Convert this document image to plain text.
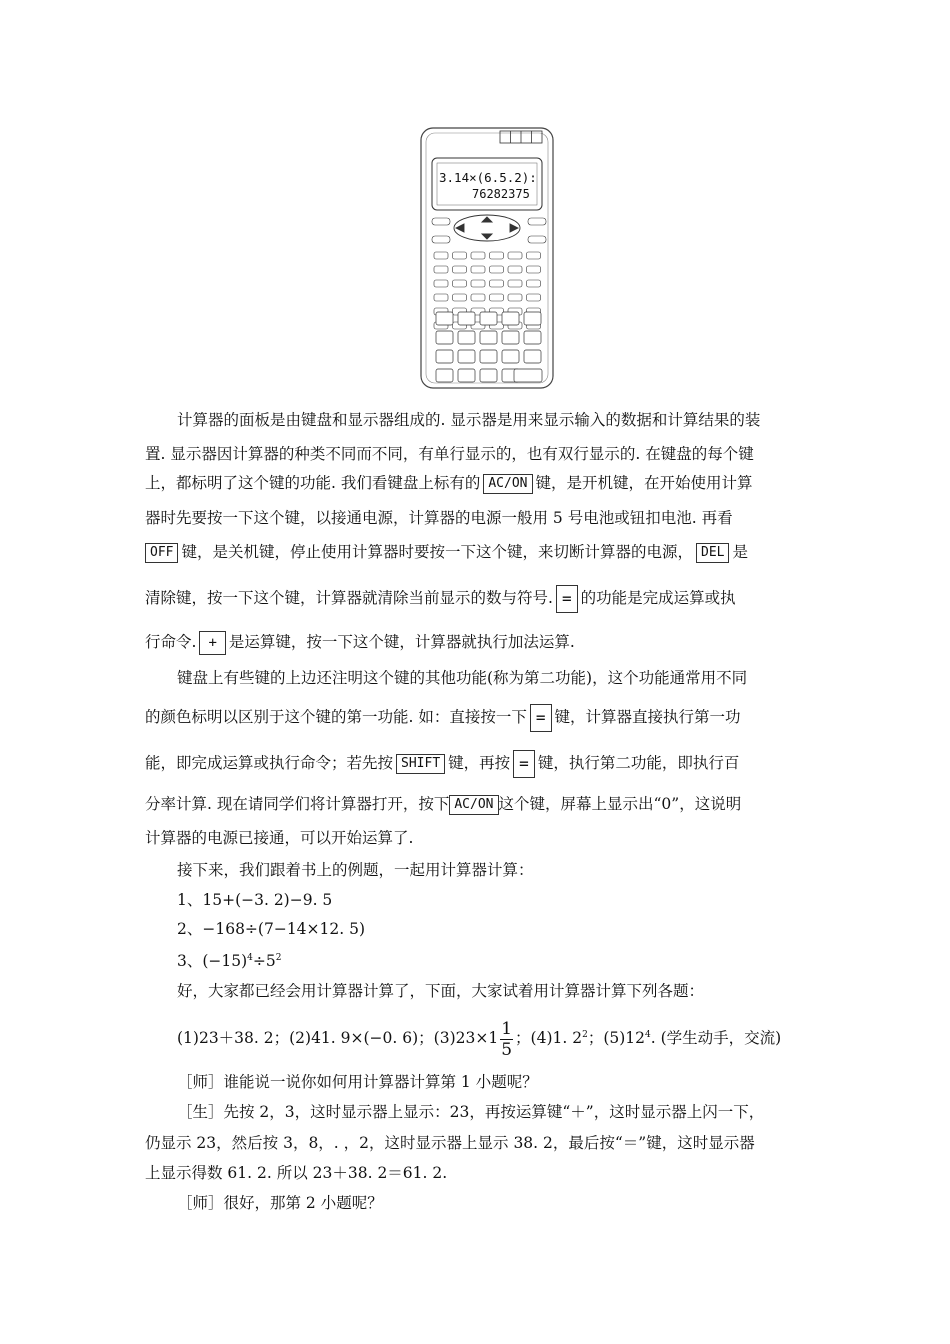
3.14×(6.5.2):
76282375
计算器的面板是由键盘和显示器组成的. 显示器是用来显示输入的数据和计算结果的装
置. 显示器因计算器的种类不同而不同，有单行显示的，也有双行显示的. 在键盘的每个键
上，都标明了这个键的功能. 我们看键盘上标有的 AC/ON 键，是开机键，在开始使用计算
器时先要按一下这个键，以接通电源，计算器的电源一般用 5 号电池或钮扣电池. 再看
OFF 键，是关机键，停止使用计算器时要按一下这个键，来切断计算器的电源， DEL 是
清除键，按一下这个键，计算器就清除当前显示的数与符号. = 的功能是完成运算或执
行命令. + 是运算键，按一下这个键，计算器就执行加法运算.
键盘上有些键的上边还注明这个键的其他功能(称为第二功能)，这个功能通常用不同
的颜色标明以区别于这个键的第一功能. 如：直接按一下 = 键，计算器直接执行第一功
能，即完成运算或执行命令；若先按 SHIFT 键，再按 = 键，执行第二功能，即执行百
分率计算. 现在请同学们将计算器打开，按下 AC/ON 这个键，屏幕上显示出“0”，这说明
计算器的电源已接通，可以开始运算了.
接下来，我们跟着书上的例题，一起用计算器计算：
1、15+(−3. 2)−9. 5
2、−168÷(7−14×12. 5)
3、$(-15)^4\div 5^2$
好，大家都已经会用计算器计算了，下面，大家试着用计算器计算下列各题：
(1)23＋38. 2；(2)41. 9×(−0. 6)；$(3)23\times 1 \frac{1}{5}$ ；(4)1. $2^2$；$(5)12^4$. (学生动手，交流)
［师］谁能说一说你如何用计算器计算第 1 小题呢？
［生］先按 2，3，这时显示器上显示：23，再按运算键“＋”，这时显示器上闪一下，
仍显示 23，然后按 3，8，. ，2，这时显示器上显示 38. 2，最后按“＝”键，这时显示器
上显示得数 61. 2. 所以 23＋38. 2＝61. 2.
［师］很好，那第 2 小题呢？
